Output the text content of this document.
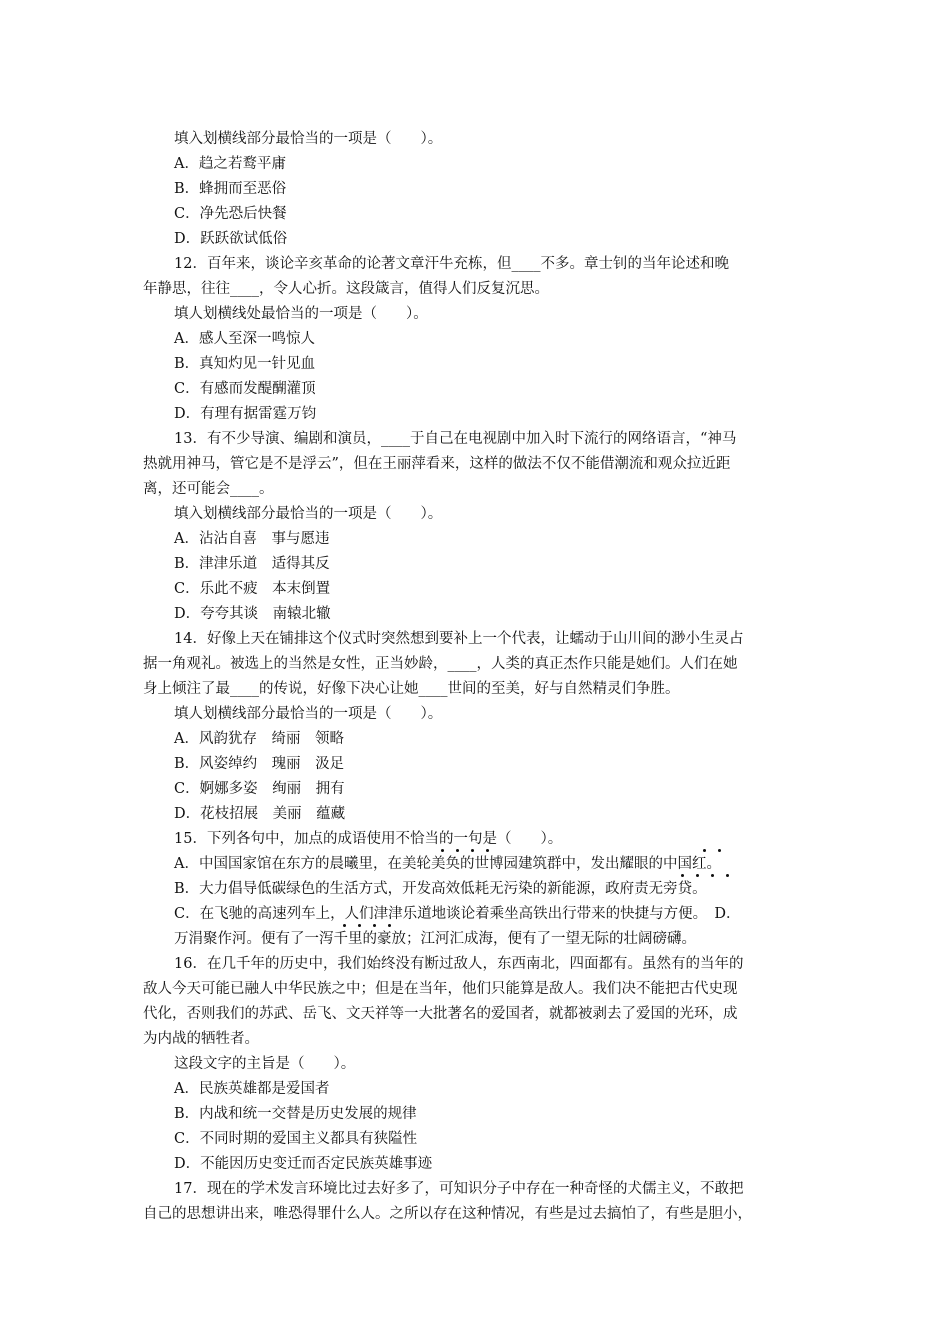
填入划横线部分最恰当的一项是（　　）。
A．趋之若鹜平庸
B．蜂拥而至恶俗
C．净先恐后快餐
D．跃跃欲试低俗
12．百年来，谈论辛亥革命的论著文章汗牛充栋，但____不多。章士钊的当年论述和晚
年静思，往往____，令人心折。这段箴言，值得人们反复沉思。
填人划横线处最恰当的一项是（　　）。
A．感人至深一鸣惊人
B．真知灼见一针见血
C．有感而发醍醐灌顶
D．有理有据雷霆万钧
13．有不少导演、编剧和演员，____于自己在电视剧中加入时下流行的网络语言，“神马
热就用神马，管它是不是浮云”，但在王丽萍看来，这样的做法不仅不能借潮流和观众拉近距
离，还可能会____。
填入划横线部分最恰当的一项是（　　）。
A．沾沾自喜　事与愿违
B．津津乐道　适得其反
C．乐此不疲　本末倒置
D．夸夸其谈　南辕北辙
14．好像上天在铺排这个仪式时突然想到要补上一个代表，让蠕动于山川间的渺小生灵占
据一角观礼。被选上的当然是女性，正当妙龄，____，人类的真正杰作只能是她们。人们在她
身上倾注了最____的传说，好像下决心让她____世间的至美，好与自然精灵们争胜。
填人划横线部分最恰当的一项是（　　）。
A．风韵犹存　绮丽　领略
B．风姿绰约　瑰丽　汲足
C．婀娜多姿　绚丽　拥有
D．花枝招展　美丽　蕴藏
15．下列各句中，加点的成语使用不恰当的一句是（　　）。
A．中国国家馆在东方的晨曦里，在美轮美奂的世博园建筑群中，发出耀眼的中国红。
B．大力倡导低碳绿色的生活方式，开发高效低耗无污染的新能源，政府责无旁贷。
C．在飞驰的高速列车上，人们津津乐道地谈论着乘坐高铁出行带来的快捷与方便。　D．
万涓聚作河。便有了一泻千里的豪放；江河汇成海，便有了一望无际的壮阔磅礴。
16．在几千年的历史中，我们始终没有断过敌人，东西南北，四面都有。虽然有的当年的
敌人今天可能已融人中华民族之中；但是在当年，他们只能算是敌人。我们决不能把古代史现
代化，否则我们的苏武、岳飞、文天祥等一大批著名的爱国者，就都被剥去了爱国的光环，成
为内战的牺牲者。
这段文字的主旨是（　　）。
A．民族英雄都是爱国者
B．内战和统一交替是历史发展的规律
C．不同时期的爱国主义都具有狭隘性
D．不能因历史变迁而否定民族英雄事迹
17．现在的学术发言环境比过去好多了，可知识分子中存在一种奇怪的犬儒主义，不敢把
自己的思想讲出来，唯恐得罪什么人。之所以存在这种情况，有些是过去搞怕了，有些是胆小，
